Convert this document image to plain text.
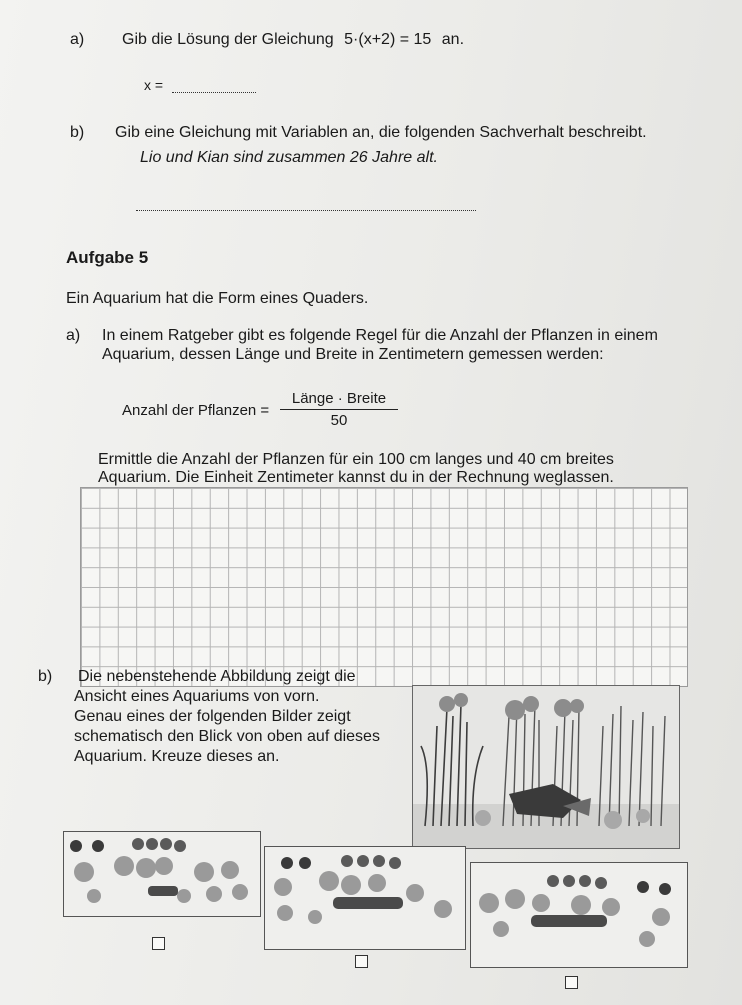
a) Gib die Lösung der Gleichung 5·(x+2) = 15 an.
x =
b) Gib eine Gleichung mit Variablen an, die folgenden Sachverhalt beschreibt.
Lio und Kian sind zusammen 26 Jahre alt.
Aufgabe 5
Ein Aquarium hat die Form eines Quaders.
a) In einem Ratgeber gibt es folgende Regel für die Anzahl der Pflanzen in einem
Aquarium, dessen Länge und Breite in Zentimetern gemessen werden:
Anzahl der Pflanzen =
Länge · Breite
50
Ermittle die Anzahl der Pflanzen für ein 100 cm langes und 40 cm breites
Aquarium. Die Einheit Zentimeter kannst du in der Rechnung weglassen.
b) Die nebenstehende Abbildung zeigt die
Ansicht eines Aquariums von vorn.
Genau eines der folgenden Bilder zeigt
schematisch den Blick von oben auf dieses
Aquarium. Kreuze dieses an.
